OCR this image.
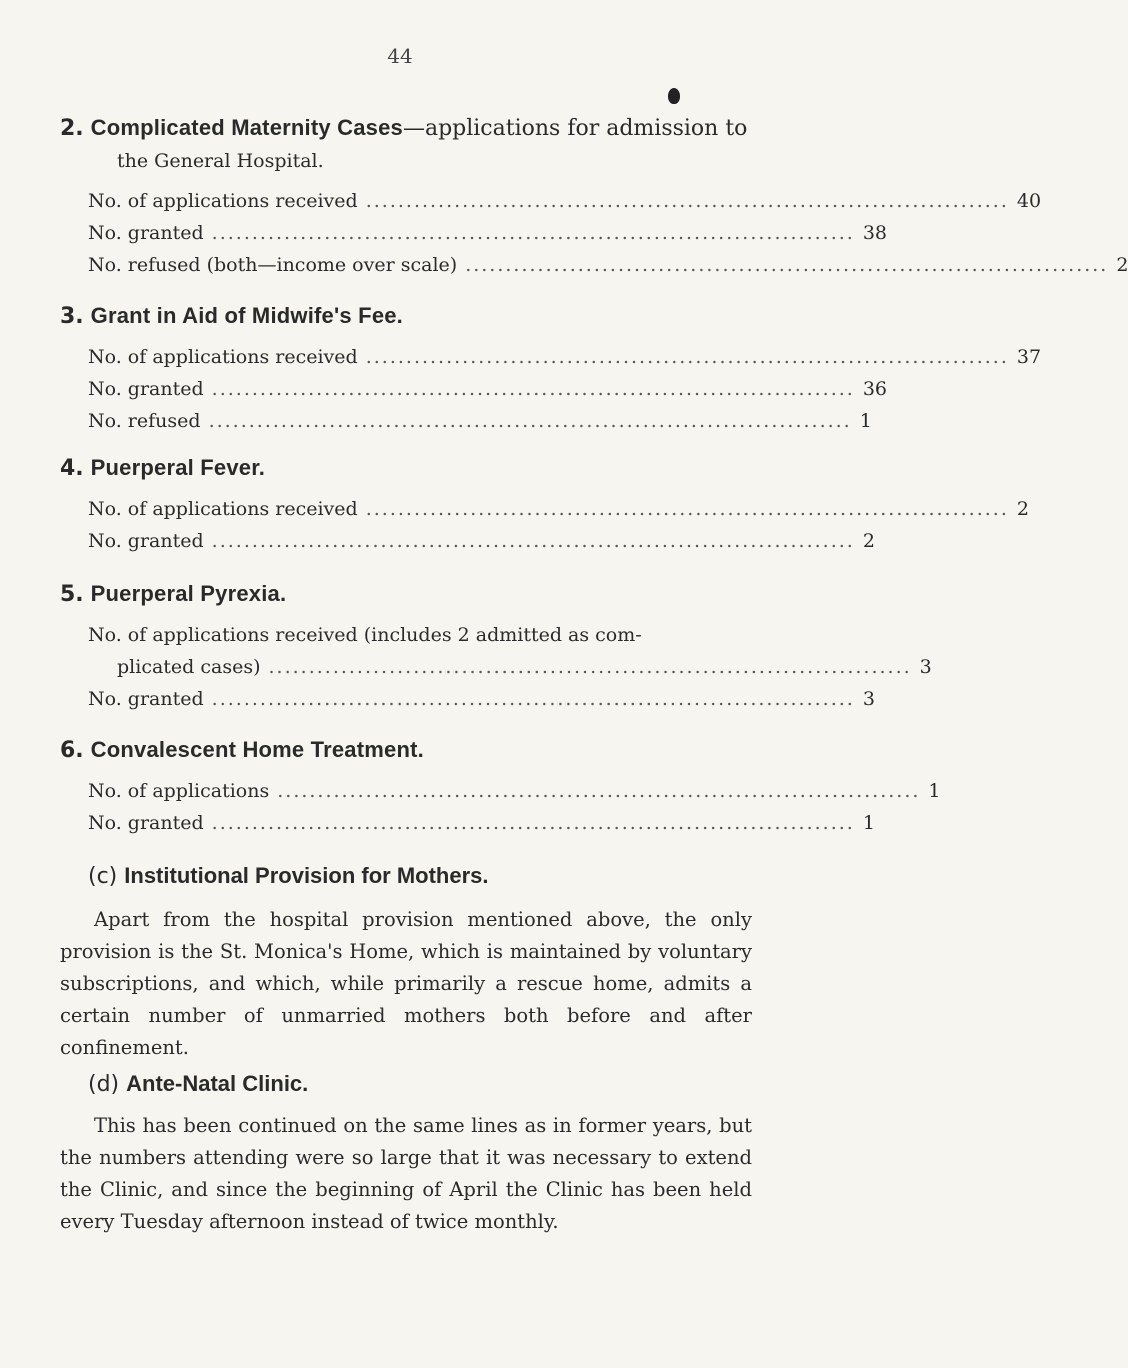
44
2. Complicated Maternity Cases—applications for admission to
the General Hospital.
No. of applications received ................................................................................ 40
No. granted ................................................................................ 38
No. refused (both—income over scale) ................................................................................ 2
3. Grant in Aid of Midwife's Fee.
No. of applications received ................................................................................ 37
No. granted ................................................................................ 36
No. refused ................................................................................ 1
4. Puerperal Fever.
No. of applications received ................................................................................ 2
No. granted ................................................................................ 2
5. Puerperal Pyrexia.
No. of applications received (includes 2 admitted as com-
plicated cases) ................................................................................ 3
No. granted ................................................................................ 3
6. Convalescent Home Treatment.
No. of applications ................................................................................ 1
No. granted ................................................................................ 1
(c) Institutional Provision for Mothers.
Apart from the hospital provision mentioned above, the only provision is the St. Monica's Home, which is maintained by voluntary subscriptions, and which, while primarily a rescue home, admits a certain number of unmarried mothers both before and after confinement.
(d) Ante-Natal Clinic.
This has been continued on the same lines as in former years, but the numbers attending were so large that it was necessary to extend the Clinic, and since the beginning of April the Clinic has been held every Tuesday afternoon instead of twice monthly.
